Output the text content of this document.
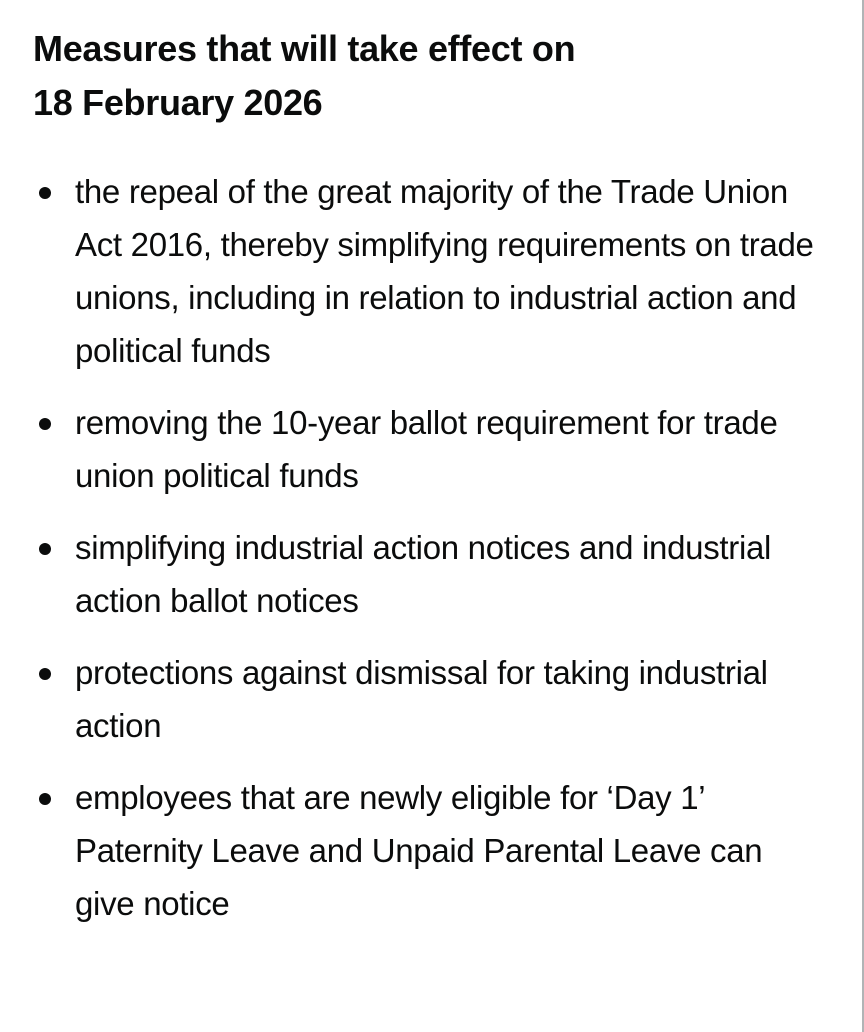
Measures that will take effect on
18 February 2026
the repeal of the great majority of the Trade Union Act 2016, thereby simplifying requirements on trade unions, including in relation to industrial action and political funds
removing the 10-year ballot requirement for trade union political funds
simplifying industrial action notices and industrial action ballot notices
protections against dismissal for taking industrial action
employees that are newly eligible for ‘Day 1’ Paternity Leave and Unpaid Parental Leave can give notice
